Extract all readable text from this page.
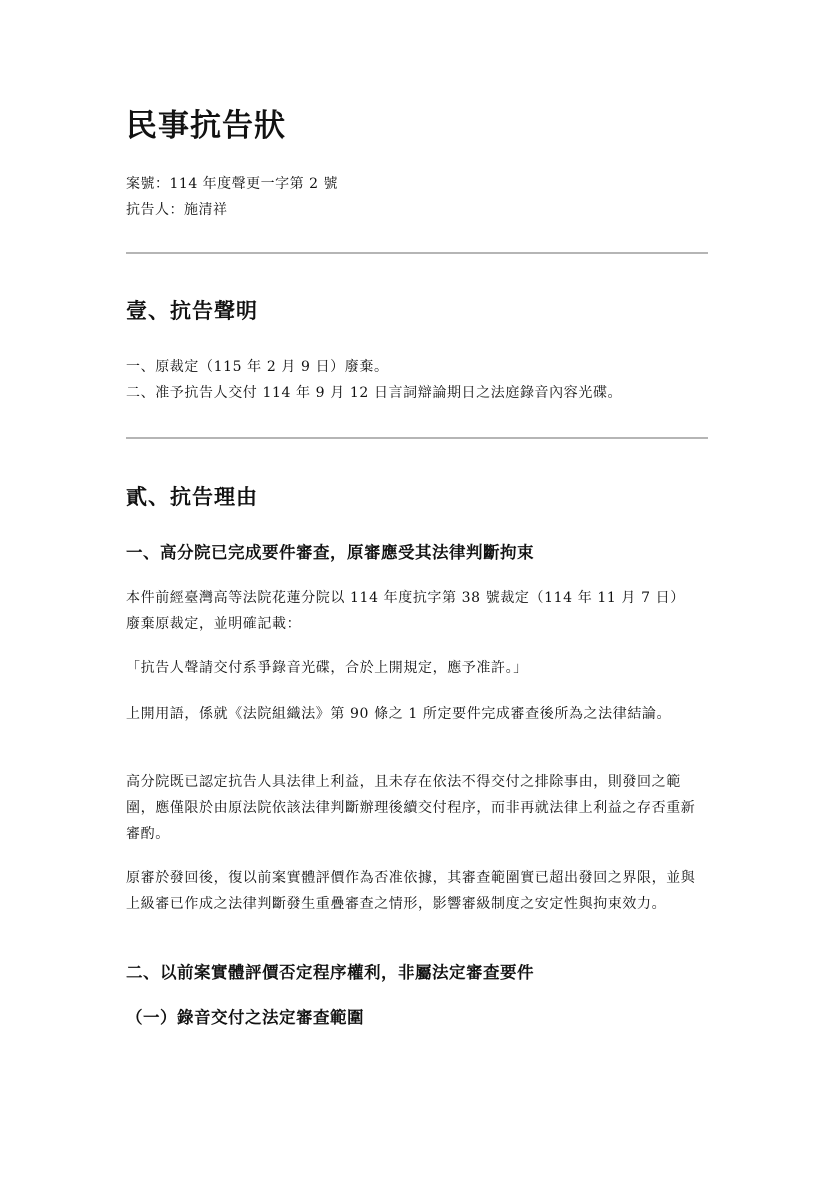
民事抗告狀
案號：114 年度聲更一字第 2 號
抗告人：施清祥
壹、抗告聲明

一、原裁定（115 年 2 月 9 日）廢棄。

二、准予抗告人交付 114 年 9 月 12 日言詞辯論期日之法庭錄音內容光碟。

貳、抗告理由
一、高分院已完成要件審查，原審應受其法律判斷拘束

本件前經臺灣高等法院花蓮分院以 114 年度抗字第 38 號裁定（114 年 11 月 7 日）廢棄原裁定，並明確記載：

「抗告人聲請交付系爭錄音光碟，合於上開規定，應予准許。」

上開用語，係就《法院組織法》第 90 條之 1 所定要件完成審查後所為之法律結論。

高分院既已認定抗告人具法律上利益，且未存在依法不得交付之排除事由，則發回之範圍，應僅限於由原法院依該法律判斷辦理後續交付程序，而非再就法律上利益之存否重新審酌。

原審於發回後，復以前案實體評價作為否准依據，其審查範圍實已超出發回之界限，並與上級審已作成之法律判斷發生重疊審查之情形，影響審級制度之安定性與拘束效力。

二、以前案實體評價否定程序權利，非屬法定審查要件
（一）錄音交付之法定審查範圍
